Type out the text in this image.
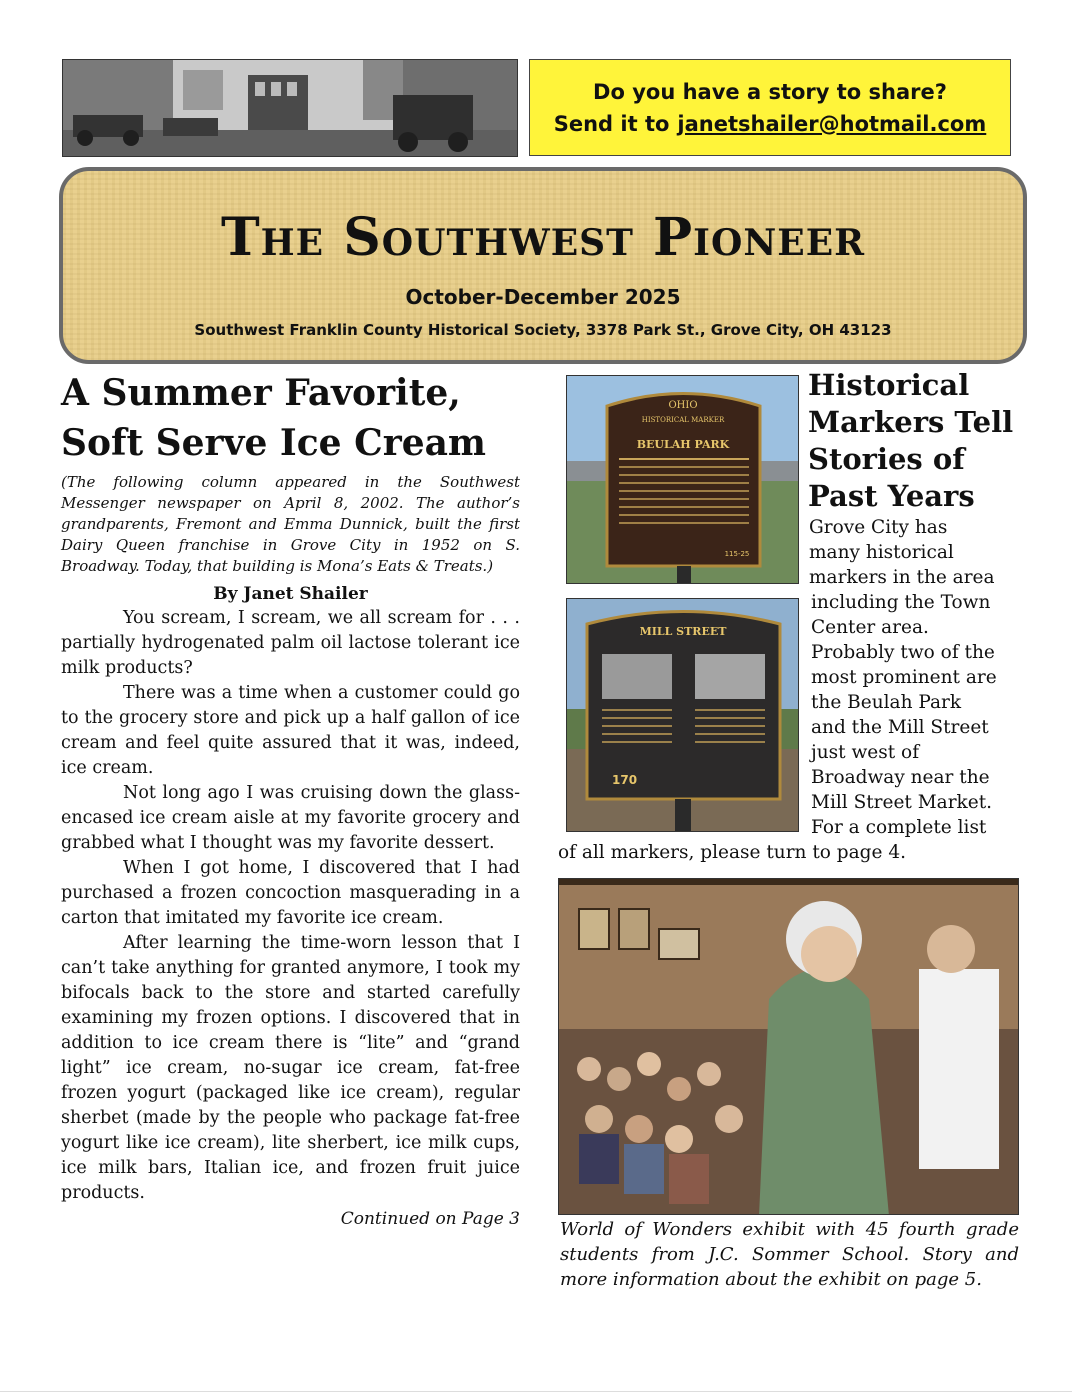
Do you have a story to share?
Send it to janetshailer@hotmail.com
The Southwest Pioneer
October-December 2025
Southwest Franklin County Historical Society, 3378 Park St., Grove City, OH 43123
A Summer Favorite,
Soft Serve Ice Cream
(The following column appeared in the Southwest Messenger newspaper on April 8, 2002. The author’s grandparents, Fremont and Emma Dunnick, built the first Dairy Queen franchise in Grove City in 1952 on S. Broadway. Today, that building is Mona’s Eats & Treats.)
By Janet Shailer

You scream, I scream, we all scream for . . . partially hydrogenated palm oil lactose tolerant ice milk products?

There was a time when a customer could go to the grocery store and pick up a half gallon of ice cream and feel quite assured that it was, indeed, ice cream.

Not long ago I was cruising down the glass-encased ice cream aisle at my favorite grocery and grabbed what I thought was my favorite dessert.

When I got home, I discovered that I had purchased a frozen concoction masquerading in a carton that imitated my favorite ice cream.

After learning the time-worn lesson that I can’t take anything for granted anymore, I took my bifocals back to the store and started carefully examining my frozen options. I discovered that in addition to ice cream there is “lite” and “grand light” ice cream, no-sugar ice cream, fat-free frozen yogurt (packaged like ice cream), regular sherbet (made by the people who package fat-free yogurt like ice cream), lite sherbert, ice milk cups, ice milk bars, Italian ice, and frozen fruit juice products.

Continued on Page 3
OHIO
HISTORICAL MARKER
BEULAH PARK
115-25
MILL STREET
170
Historical
Markers Tell
Stories of
Past Years
Grove City has
many historical
markers in the area
including the Town
Center area.
Probably two of the
most prominent are
the Beulah Park
and the Mill Street
just west of
Broadway near the
Mill Street Market.
For a complete list
of all markers, please turn to page 4.
World of Wonders exhibit with 45 fourth grade students from J.C. Sommer School. Story and more information about the exhibit on page 5.
